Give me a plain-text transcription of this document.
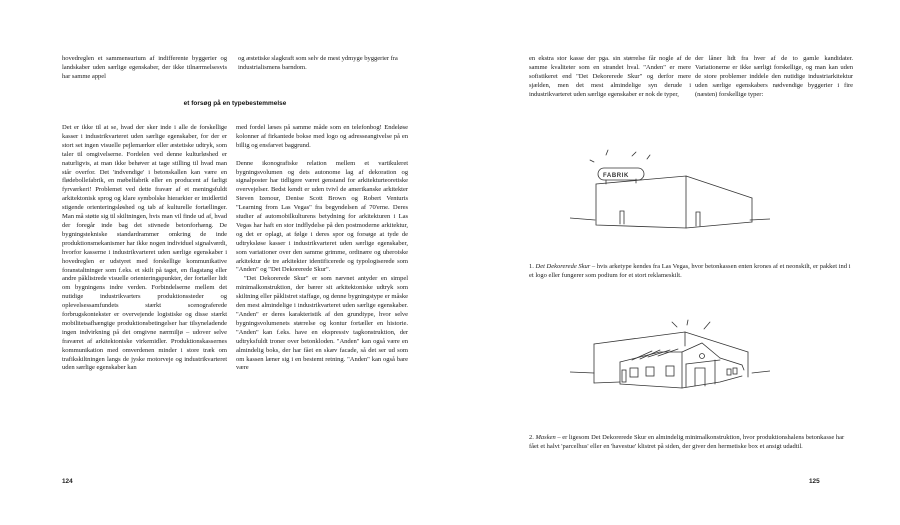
hovedreglen et sammensurium af indifferente byggerier og landskaber uden særlige egenskaber, der ikke tilnærmelsesvis har samme appel

og æstetiske slagkraft som selv de mest ydmyge byggerier fra industrialismens barndom.

et forsøg på en typebestemmelse

Det er ikke til at se, hvad der sker inde i alle de forskellige kasser i industrikvarteret uden særlige egenskaber, for der er stort set ingen visuelle pejlemærker eller æstetiske udtryk, som taler til omgivelserne. Fordelen ved denne kulturløshed er naturligvis, at man ikke behøver at tage stilling til hvad man står overfor. Det 'indvendige' i betonskallen kan være en flødebollefabrik, en møbelfabrik eller en producent af farligt fyrværkeri! Problemet ved dette fravær af et meningsfuldt arkitektonisk sprog og klare symbolske hierarkier er imidlertid stigende orienteringsløshed og tab af kulturelle fortællinger. Man må støtte sig til skiltningen, hvis man vil finde ud af, hvad der foregår inde bag det stivnede betonforhæng. De bygningstekniske standardrammer omkring de inde produktionsmekanismer har ikke nogen individuel signalværdi, hvorfor kasserne i industrikvarteret uden særlige egenskaber i hovedreglen er udstyret med forskellige kommunikative foranstaltninger som f.eks. et skilt på taget, en flagstang eller andre påklistrede visuelle orienteringspunkter, der fortæller lidt om bygningens indre verden. Forbindelserne mellem det nutidige industrikvarters produktionssteder og oplevelsessamfundets stærkt scenograferede forbrugskontekster er overvejende logistiske og disse stærkt mobilitetsafhængige produktionsbetingelser har tilsyneladende ingen indvirkning på det omgivne nærmiljø – udover selve fraværet af arkitektoniske virkemidler. Produktionskassernes kommunikation med omverdenen minder i store træk om trafikskiltningen langs de jyske motorveje og industrikvarteret uden særlige egenskaber kan

med fordel læses på samme måde som en telefonbog! Endeløse kolonner af firkantede bokse med logo og adresseangivelse på en billig og ensfarvet baggrund.

Denne ikonografiske relation mellem et vartikuleret bygningsvolumen og dets autonome lag af dekoration og signalposter har tidligere været genstand for arkitekturteoretiske overvejelser. Bedst kendt er uden tvivl de amerikanske arkitekter Steven Izenour, Denise Scott Brown og Robert Venturis "Learning from Las Vegas" fra begyndelsen af 70'erne. Deres studier af automobilkulturens betydning for arkitekturen i Las Vegas har haft en stor indflydelse på den postmoderne arkitektur, og det er oplagt, at følge i deres spor og forsøge at tyde de udtryksløse kasser i industrikvarteret uden særlige egenskaber, som variationer over den samme grimme, ordinære og uheroiske arkitektur de tre arkitekter identificerede og typologiserede som "Anden" og "Det Dekorerede Skur".

"Det Dekorerede Skur" er som nævnet antyder en simpel minimalkonstruktion, der bærer sit arkitektoniske udtryk som skiltning eller påklistret staffage, og denne bygningstype er måske den mest almindelige i industrikvarteret uden særlige egenskaber. "Anden" er deres karakteristik af den grundtype, hvor selve bygningsvolumenets størrelse og kontur fortæller en historie. "Anden" kan f.eks. have en ekspressiv tagkonstruktion, der udtryksfuldt troner over betonkloden. "Anden" kan også være en almindelig boks, der har fået en skæv facade, så det ser ud som om kassen læner sig i en bestemt retning. "Anden" kan også bare være

124

en ekstra stor kasse der pga. sin størrelse får nogle af de samme kvaliteter som en strandet hval. "Anden" er mere sofistikeret end "Det Dekorerede Skur" og derfor mere sjælden, men det mest almindelige syn derude i industrikvarteret uden særlige egenskaber er nok de typer,

der låner lidt fra hver af de to gamle kandidater. Variationerne er ikke særligt forskellige, og man kan uden de store problemer inddele den nutidige industriarkitektur uden særlige egenskabers nødvendige byggerier i fire (næsten) forskellige typer:

125
FABRIK
1. Det Dekorerede Skur – hvis arketype kendes fra Las Vegas, hvor betonkassen enten krones af et neonskilt, er pakket ind i et logo eller fungerer som podium for et stort reklameskilt.
2. Masken – er ligesom Det Dekorerede Skur en almindelig minimalkonstruktion, hvor produktionshalens betonkasse har fået et halvt 'parcelhus' eller en 'havestue' klistret på siden, der giver den hermetiske box et ansigt udadtil.
